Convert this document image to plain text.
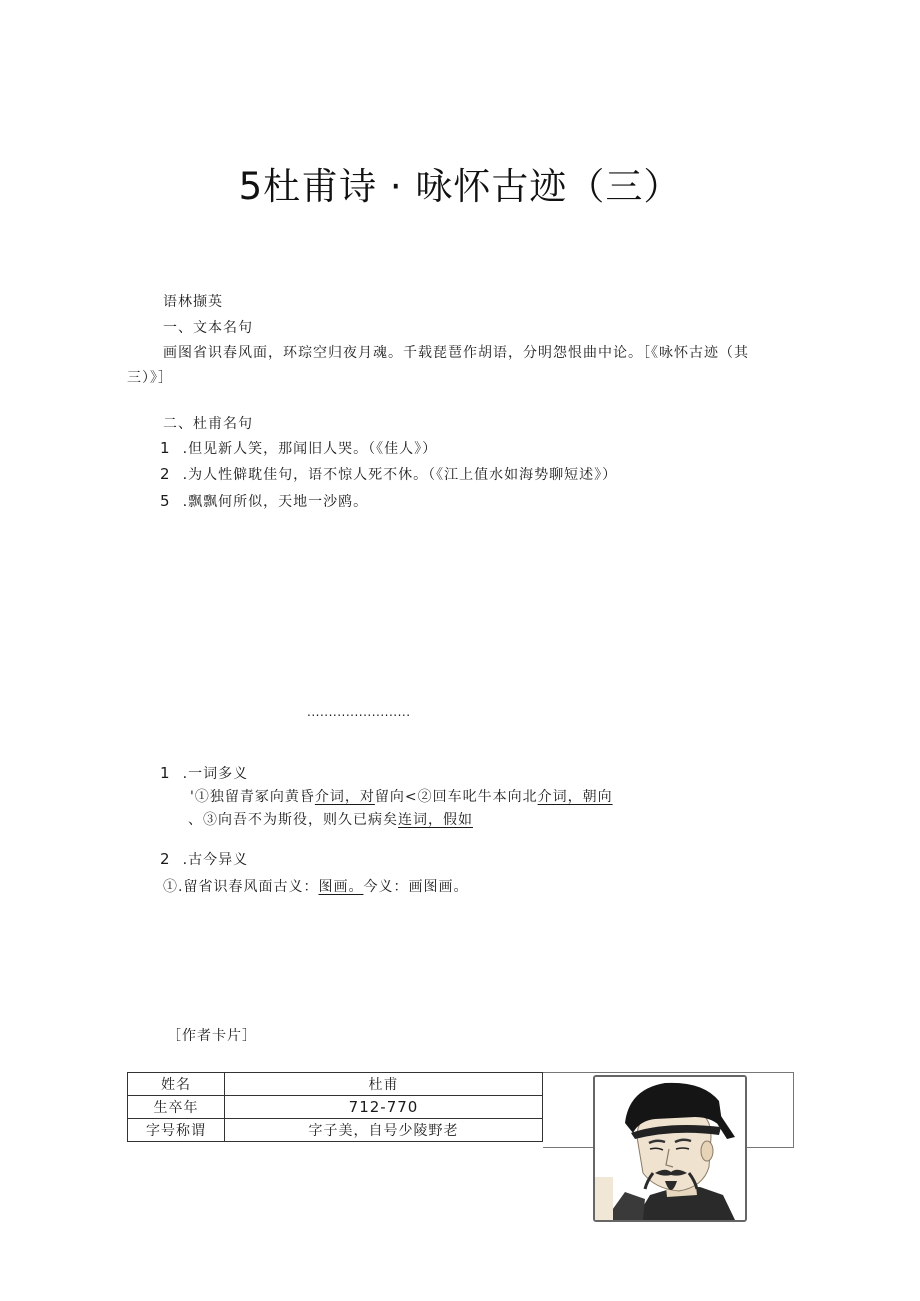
5杜甫诗 · 咏怀古迹（三）
语林撷英
一、文本名句
画图省识春风面，环琮空归夜月魂。千载琵琶作胡语，分明怨恨曲中论。［《咏怀古迹（其
三）》］
二、杜甫名句
1 .但见新人笑，那闻旧人哭。（《佳人》）
2 .为人性僻耽佳句，语不惊人死不休。（《江上值水如海势聊短述》）
5 .飘飘何所似，天地一沙鸥。
........................
1 .一词多义
'①独留青冢向黄昏介词，对留向<②回车叱牛本向北介词，朝向
、③向吾不为斯役，则久已病矣连词，假如
2 .古今异义
①.留省识春风面古义：图画。今义：画图画。
［作者卡片］
姓名	杜甫
生卒年	712-770
字号称谓	字子美，自号少陵野老
